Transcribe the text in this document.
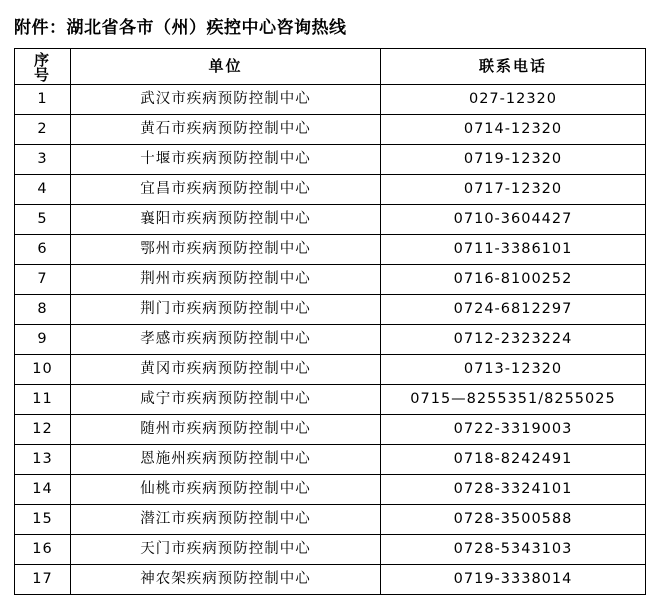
附件：湖北省各市（州）疾控中心咨询热线
序
号	单位	联系电话
1	武汉市疾病预防控制中心	027-12320
2	黄石市疾病预防控制中心	0714-12320
3	十堰市疾病预防控制中心	0719-12320
4	宜昌市疾病预防控制中心	0717-12320
5	襄阳市疾病预防控制中心	0710-3604427
6	鄂州市疾病预防控制中心	0711-3386101
7	荆州市疾病预防控制中心	0716-8100252
8	荆门市疾病预防控制中心	0724-6812297
9	孝感市疾病预防控制中心	0712-2323224
10	黄冈市疾病预防控制中心	0713-12320
11	咸宁市疾病预防控制中心	0715—8255351/8255025
12	随州市疾病预防控制中心	0722-3319003
13	恩施州疾病预防控制中心	0718-8242491
14	仙桃市疾病预防控制中心	0728-3324101
15	潜江市疾病预防控制中心	0728-3500588
16	天门市疾病预防控制中心	0728-5343103
17	神农架疾病预防控制中心	0719-3338014
